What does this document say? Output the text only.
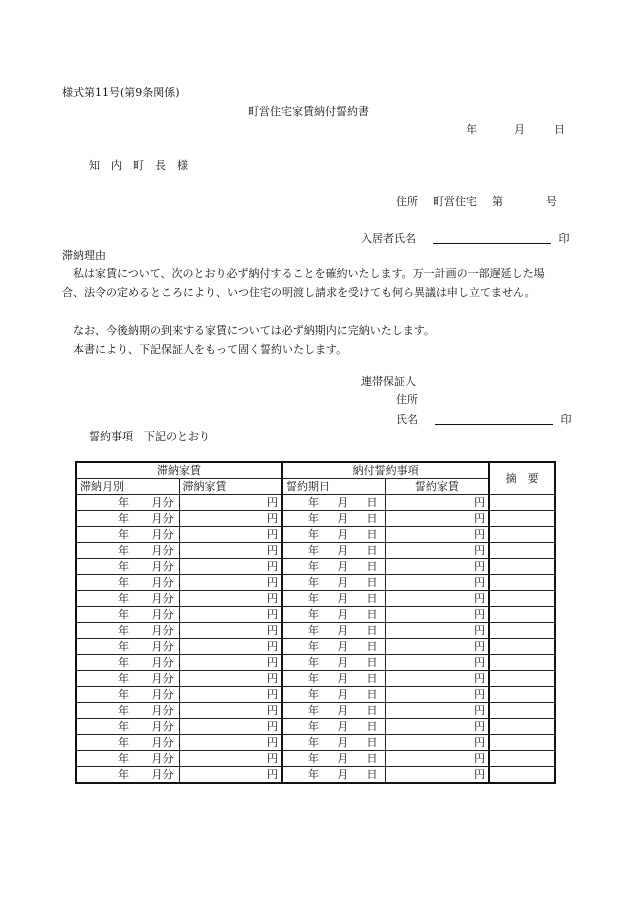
様式第11号(第9条関係)
町営住宅家賃納付誓約書
年	月	日
知　内　町　長　様
住所 町営住宅 第	号
入居者氏名	印
滞納理由
　私は家賃について、次のとおり必ず納付することを確約いたします。万一計画の一部遅延した場合、法令の定めるところにより、いつ住宅の明渡し請求を受けても何ら異議は申し立てません。
　なお、今後納期の到来する家賃については必ず納期内に完納いたします。
　本書により、下記保証人をもって固く誓約いたします。
連帯保証人
住所
氏名	印
誓約事項　下記のとおり
滞納家賃		納付誓約事項		摘　要
滞納月別	滞納家賃	誓約期日	誓約家賃	

年 月分	円	年 月 日	円	

年 月分	円	年 月 日	円	

年 月分	円	年 月 日	円	

年 月分	円	年 月 日	円	

年 月分	円	年 月 日	円	

年 月分	円	年 月 日	円	

年 月分	円	年 月 日	円	

年 月分	円	年 月 日	円	

年 月分	円	年 月 日	円	

年 月分	円	年 月 日	円	

年 月分	円	年 月 日	円	

年 月分	円	年 月 日	円	

年 月分	円	年 月 日	円	

年 月分	円	年 月 日	円	

年 月分	円	年 月 日	円	

年 月分	円	年 月 日	円	

年 月分	円	年 月 日	円	

年 月分	円	年 月 日	円	
